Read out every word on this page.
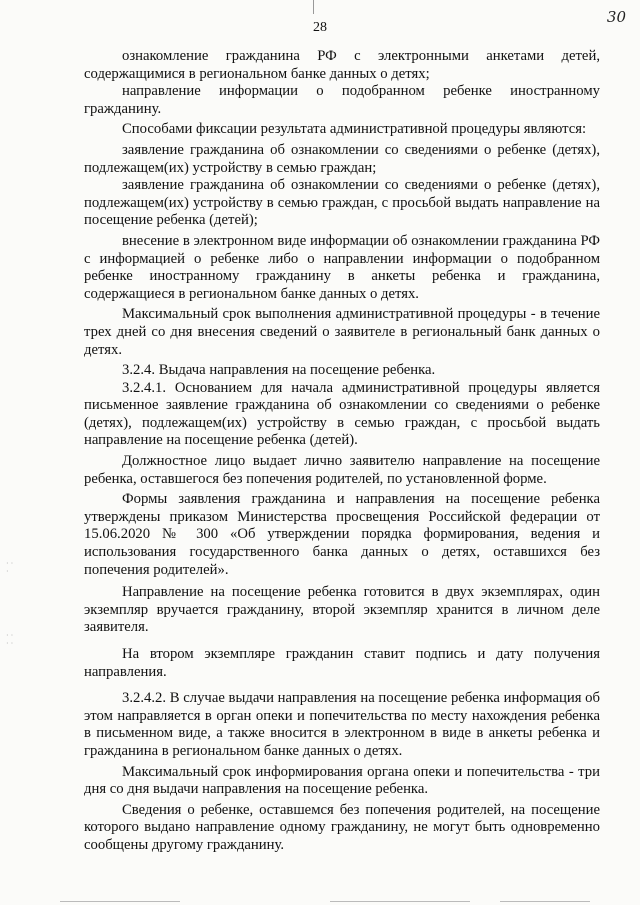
30
28
· ·
·
· ·
· ·

ознакомление гражданина РФ с электронными анкетами детей, содержащимися в региональном банке данных о детях;

направление информации о подобранном ребенке иностранному гражданину.

Способами фиксации результата административной процедуры являются:

заявление гражданина об ознакомлении со сведениями о ребенке (детях), подлежащем(их) устройству в семью граждан;

заявление гражданина об ознакомлении со сведениями о ребенке (детях), подлежащем(их) устройству в семью граждан, с просьбой выдать направление на посещение ребенка (детей);

внесение в электронном виде информации об ознакомлении гражданина РФ с информацией о ребенке либо о направлении информации о подобранном ребенке иностранному гражданину в анкеты ребенка и гражданина, содержащиеся в региональном банке данных о детях.

Максимальный срок выполнения административной процедуры - в течение трех дней со дня внесения сведений о заявителе в региональный банк данных о детях.

3.2.4. Выдача направления на посещение ребенка.

3.2.4.1. Основанием для начала административной процедуры является письменное заявление гражданина об ознакомлении со сведениями о ребенке (детях), подлежащем(их) устройству в семью граждан, с просьбой выдать направление на посещение ребенка (детей).

Должностное лицо выдает лично заявителю направление на посещение ребенка, оставшегося без попечения родителей, по установленной форме.

Формы заявления гражданина и направления на посещение ребенка утверждены приказом Министерства просвещения Российской федерации от 15.06.2020 № 300 «Об утверждении порядка формирования, ведения и использования государственного банка данных о детях, оставшихся без попечения родителей».

Направление на посещение ребенка готовится в двух экземплярах, один экземпляр вручается гражданину, второй экземпляр хранится в личном деле заявителя.

На втором экземпляре гражданин ставит подпись и дату получения направления.

3.2.4.2. В случае выдачи направления на посещение ребенка информация об этом направляется в орган опеки и попечительства по месту нахождения ребенка в письменном виде, а также вносится в электронном в виде в анкеты ребенка и гражданина в региональном банке данных о детях.

Максимальный срок информирования органа опеки и попечительства - три дня со дня выдачи направления на посещение ребенка.

Сведения о ребенке, оставшемся без попечения родителей, на посещение которого выдано направление одному гражданину, не могут быть одновременно сообщены другому гражданину.
